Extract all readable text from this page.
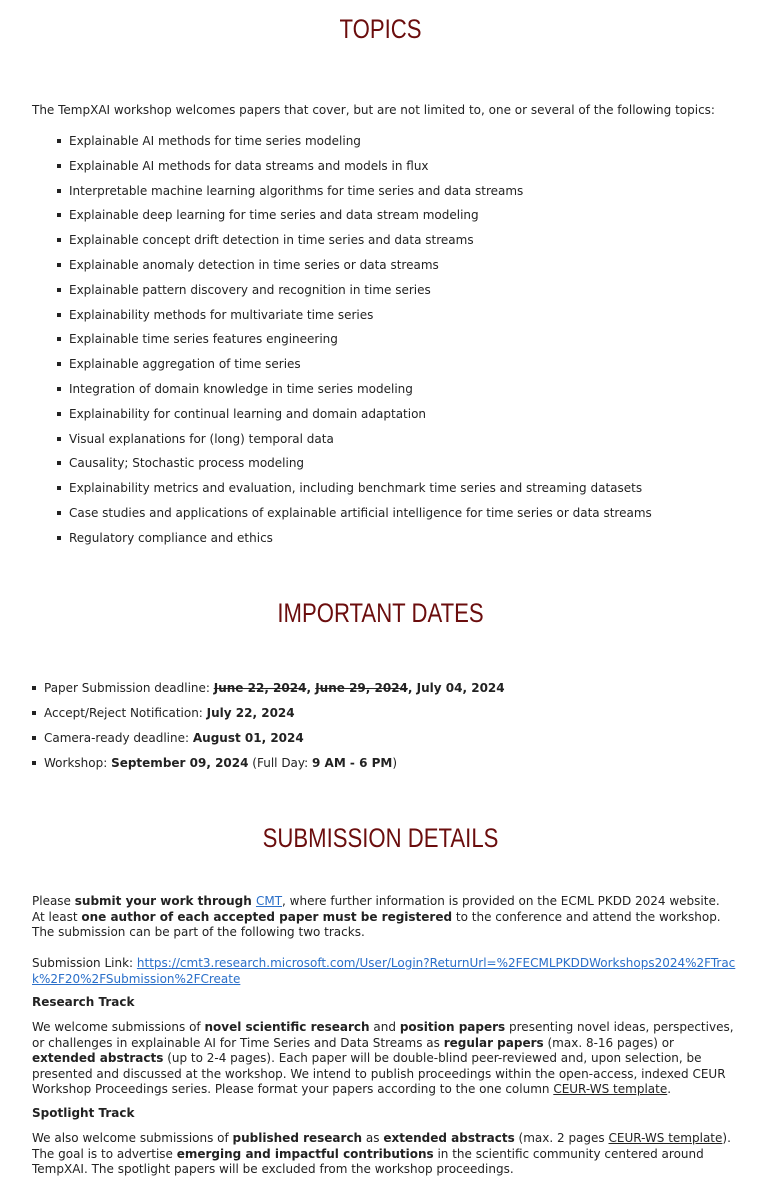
TOPICS

The TempXAI workshop welcomes papers that cover, but are not limited to, one or several of the following topics:

Explainable AI methods for time series modeling
Explainable AI methods for data streams and models in flux
Interpretable machine learning algorithms for time series and data streams
Explainable deep learning for time series and data stream modeling
Explainable concept drift detection in time series and data streams
Explainable anomaly detection in time series or data streams
Explainable pattern discovery and recognition in time series
Explainability methods for multivariate time series
Explainable time series features engineering
Explainable aggregation of time series
Integration of domain knowledge in time series modeling
Explainability for continual learning and domain adaptation
Visual explanations for (long) temporal data
Causality; Stochastic process modeling
Explainability metrics and evaluation, including benchmark time series and streaming datasets
Case studies and applications of explainable artificial intelligence for time series or data streams
Regulatory compliance and ethics
IMPORTANT DATES
Paper Submission deadline: June 22, 2024, June 29, 2024, July 04, 2024
Accept/Reject Notification: July 22, 2024
Camera-ready deadline: August 01, 2024
Workshop: September 09, 2024 (Full Day: 9 AM - 6 PM)
SUBMISSION DETAILS

Please submit your work through CMT, where further information is provided on the ECML PKDD 2024 website. At least one author of each accepted paper must be registered to the conference and attend the workshop. The submission can be part of the following two tracks.

Submission Link: https://cmt3.research.microsoft.com/User/Login?ReturnUrl=%2FECMLPKDDWorkshops2024%2FTrack%2F20%2FSubmission%2FCreate

Research Track

We welcome submissions of novel scientific research and position papers presenting novel ideas, perspectives, or challenges in explainable AI for Time Series and Data Streams as regular papers (max. 8-16 pages) or extended abstracts (up to 2-4 pages). Each paper will be double-blind peer-reviewed and, upon selection, be presented and discussed at the workshop. We intend to publish proceedings within the open-access, indexed CEUR Workshop Proceedings series. Please format your papers according to the one column CEUR-WS template.

Spotlight Track

We also welcome submissions of published research as extended abstracts (max. 2 pages CEUR-WS template). The goal is to advertise emerging and impactful contributions in the scientific community centered around TempXAI. The spotlight papers will be excluded from the workshop proceedings.
